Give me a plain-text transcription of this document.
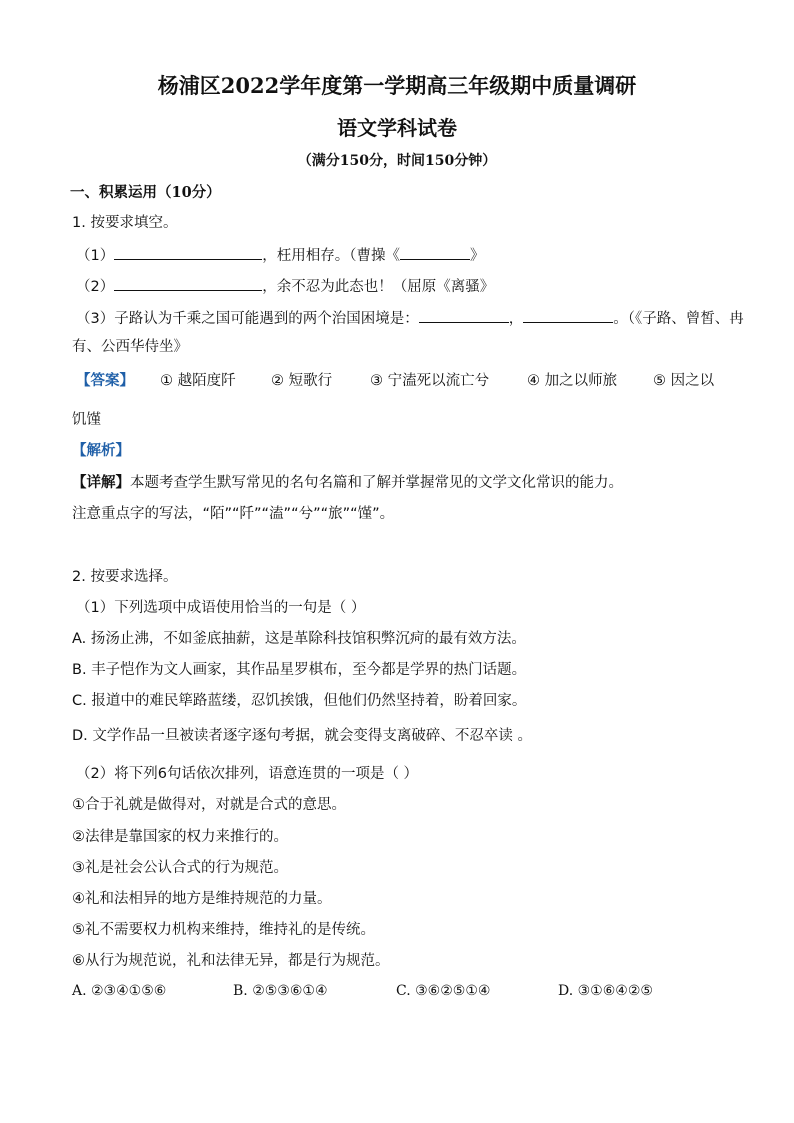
杨浦区2022学年度第一学期高三年级期中质量调研
语文学科试卷
（满分150分，时间150分钟）
一、积累运用（10分）
1. 按要求填空。
（1）	，枉用相存。（曹操《	》
（2）	，余不忍为此态也！（屈原《离骚》
（3）子路认为千乘之国可能遇到的两个治国困境是：	，	。（《子路、曾皙、冉
有、公西华侍坐》
【答案】 ① 越陌度阡 ② 短歌行	③ 宁溘死以流亡兮	④ 加之以师旅 ⑤ 因之以
饥馑
【解析】
【详解】本题考查学生默写常见的名句名篇和了解并掌握常见的文学文化常识的能力。
注意重点字的写法，“陌”“阡”“溘”“兮”“旅”“馑”。
2. 按要求选择。
（1）下列选项中成语使用恰当的一句是（ ）
A. 扬汤止沸，不如釜底抽薪，这是革除科技馆积弊沉疴的最有效方法。
B. 丰子恺作为文人画家，其作品星罗棋布，至今都是学界的热门话题。
C. 报道中的难民筚路蓝缕，忍饥挨饿，但他们仍然坚持着，盼着回家。
D. 文学作品一旦被读者逐字逐句考据，就会变得支离破碎、不忍卒读 。
（2）将下列6句话依次排列，语意连贯的一项是（ ）
①合于礼就是做得对，对就是合式的意思。
②法律是靠国家的权力来推行的。
③礼是社会公认合式的行为规范。
④礼和法相异的地方是维持规范的力量。
⑤礼不需要权力机构来维持，维持礼的是传统。
⑥从行为规范说，礼和法律无异，都是行为规范。
A. ②③④①⑤⑥	B. ②⑤③⑥①④	C. ③⑥②⑤①④	D. ③①⑥④②⑤
